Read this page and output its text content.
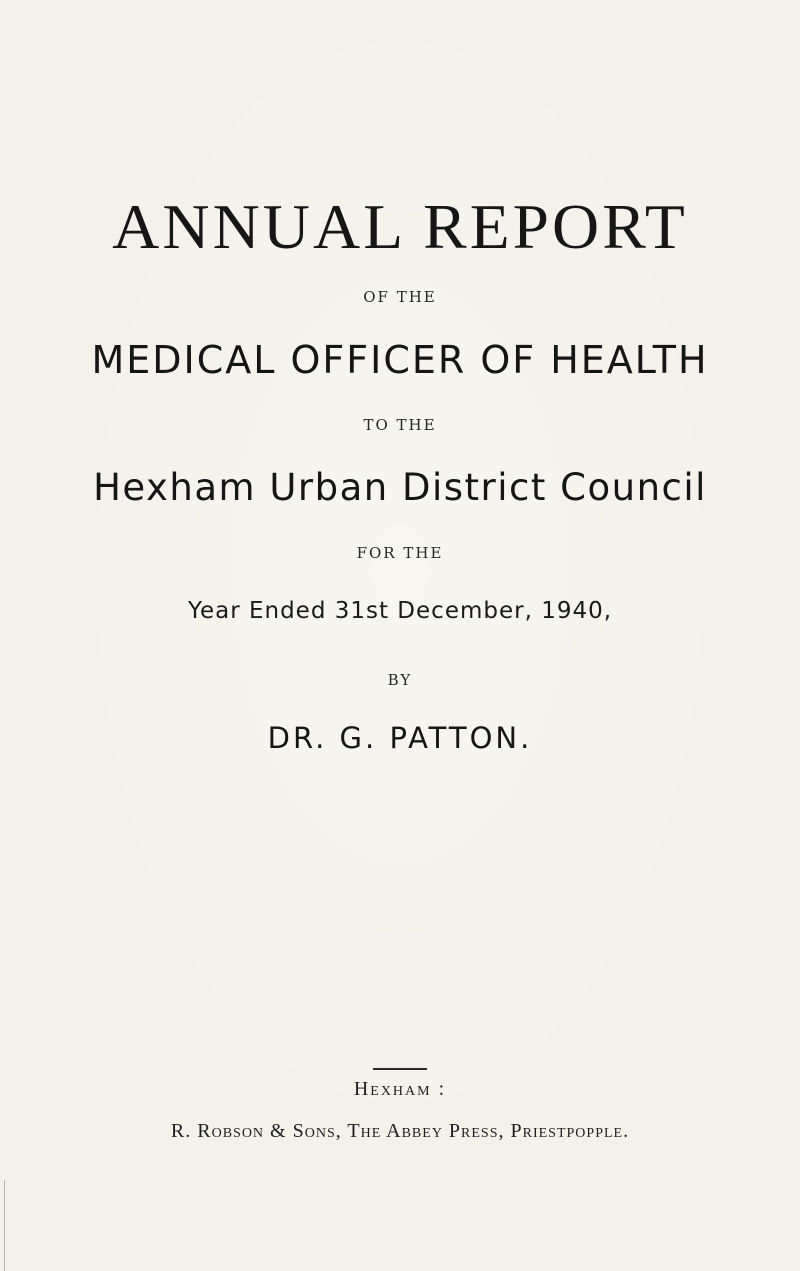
ANNUAL REPORT
OF THE
MEDICAL OFFICER OF HEALTH
TO THE
Hexham Urban District Council
FOR THE
Year Ended 31st December, 1940,
BY
DR. G. PATTON.
Hexham :
R. Robson & Sons, The Abbey Press, Priestpopple.
